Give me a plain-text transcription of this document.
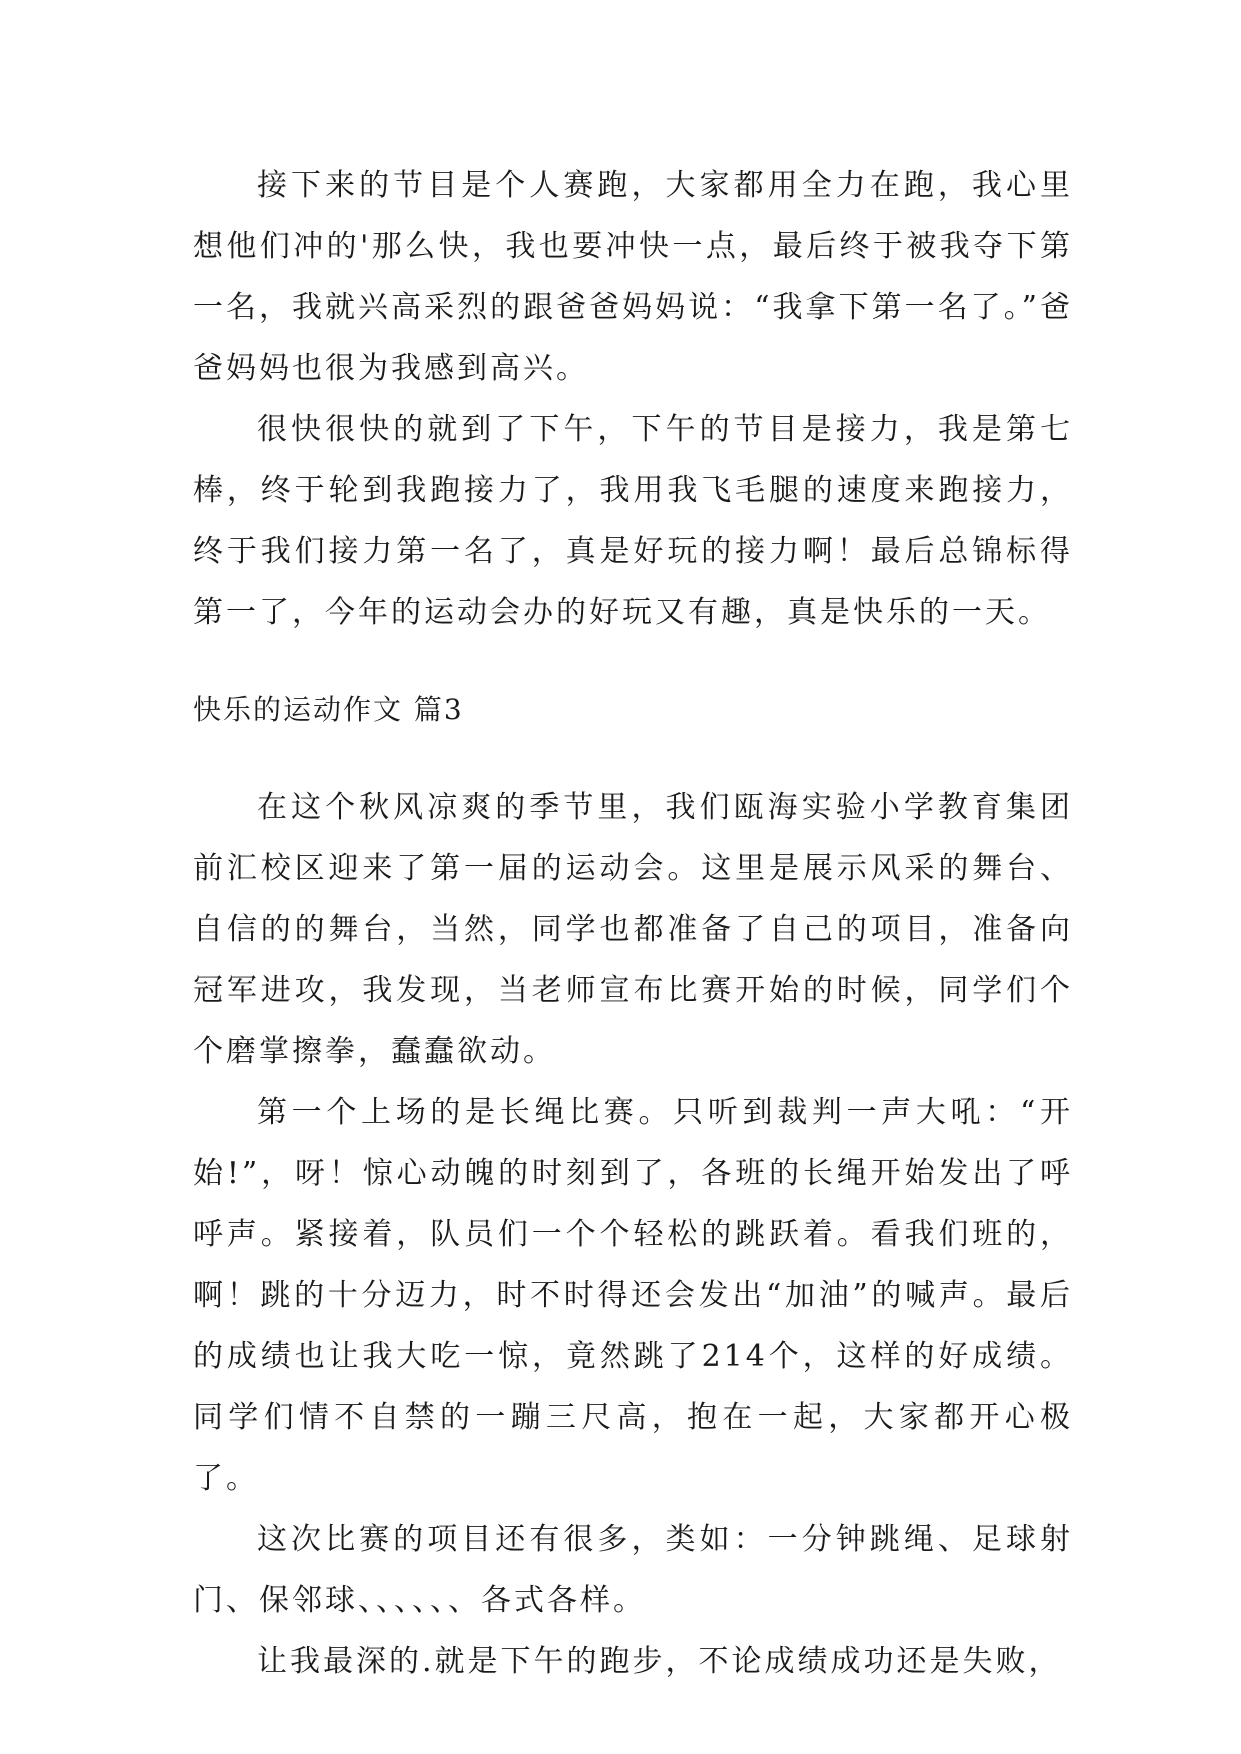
接下来的节目是个人赛跑，大家都用全力在跑，我心里想他们冲的'那么快，我也要冲快一点，最后终于被我夺下第一名，我就兴高采烈的跟爸爸妈妈说：“我拿下第一名了。”爸爸妈妈也很为我感到高兴。

很快很快的就到了下午，下午的节目是接力，我是第七棒，终于轮到我跑接力了，我用我飞毛腿的速度来跑接力，终于我们接力第一名了，真是好玩的接力啊！最后总锦标得第一了，今年的运动会办的好玩又有趣，真是快乐的一天。

快乐的运动作文 篇3

在这个秋风凉爽的季节里，我们瓯海实验小学教育集团前汇校区迎来了第一届的运动会。这里是展示风采的舞台、自信的的舞台，当然，同学也都准备了自己的项目，准备向冠军进攻，我发现，当老师宣布比赛开始的时候，同学们个个磨掌擦拳，蠢蠢欲动。

第一个上场的是长绳比赛。只听到裁判一声大吼：“开始!”，呀！惊心动魄的时刻到了，各班的长绳开始发出了呼呼声。紧接着，队员们一个个轻松的跳跃着。看我们班的，啊！跳的十分迈力，时不时得还会发出“加油”的喊声。最后的成绩也让我大吃一惊，竟然跳了214个，这样的好成绩。同学们情不自禁的一蹦三尺高，抱在一起，大家都开心极了。

这次比赛的项目还有很多，类如：一分钟跳绳、足球射门、保邻球、、、、、、各式各样。

让我最深的.就是下午的跑步，不论成绩成功还是失败，
